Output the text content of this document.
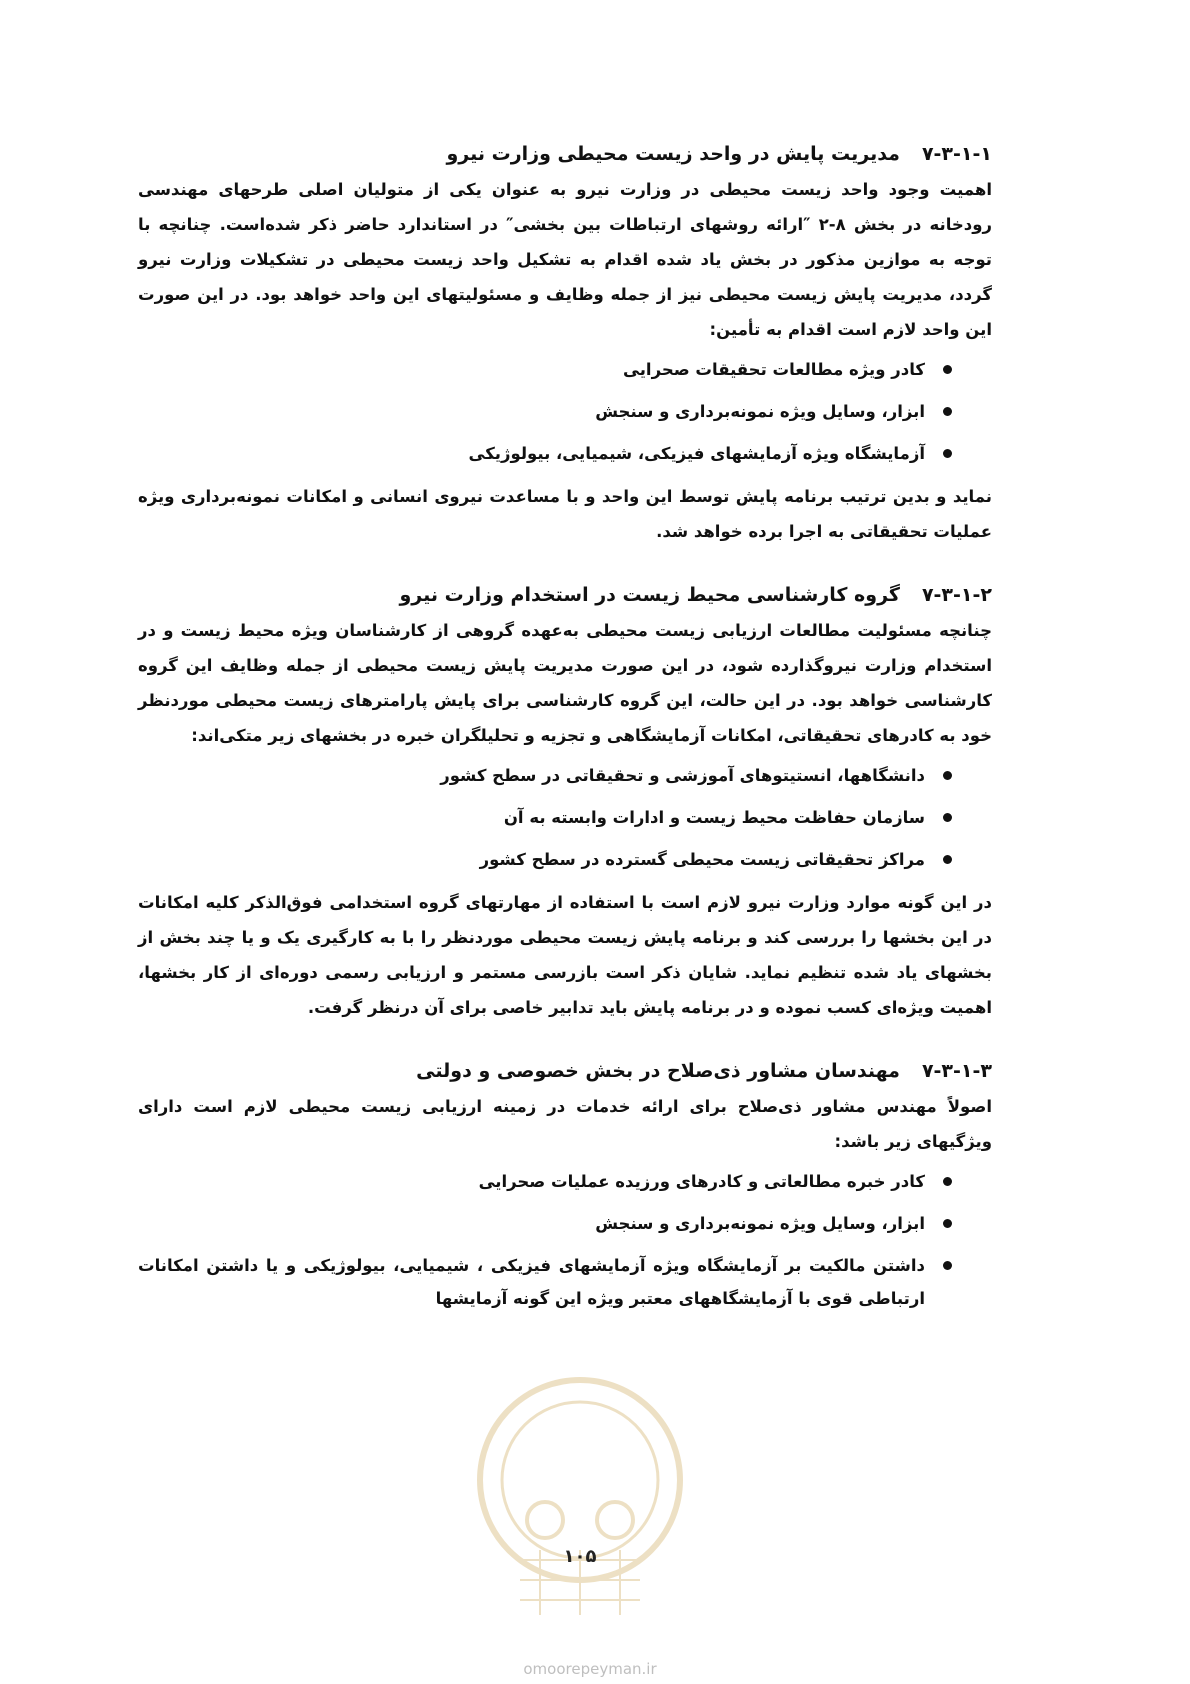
۷-۳-۱-۱مدیریت پایش در واحد زیست محیطی وزارت نیرو

اهمیت وجود واحد زیست محیطی در وزارت نیرو به عنوان یکی از متولیان اصلی طرحهای مهندسی رودخانه در بخش ۸-۲ ″ارائه روشهای ارتباطات بین بخشی″ در استاندارد حاضر ذکر شده‌است. چنانچه با توجه به موازین مذکور در بخش یاد شده اقدام به تشکیل واحد زیست محیطی در تشکیلات وزارت نیرو گردد، مدیریت پایش زیست محیطی نیز از جمله وظایف و مسئولیتهای این واحد خواهد بود. در این صورت این واحد لازم است اقدام به تأمین:

کادر ویژه مطالعات تحقیقات صحرایی
ابزار، وسایل ویژه نمونه‌برداری و سنجش
آزمایشگاه ویژه آزمایشهای فیزیکی، شیمیایی، بیولوژیکی

نماید و بدین ترتیب برنامه پایش توسط این واحد و با مساعدت نیروی انسانی و امکانات نمونه‌برداری ویژه عملیات تحقیقاتی به اجرا برده خواهد شد.

۷-۳-۱-۲گروه کارشناسی محیط زیست در استخدام وزارت نیرو

چنانچه مسئولیت مطالعات ارزیابی زیست محیطی به‌عهده گروهی از کارشناسان ویژه محیط زیست و در استخدام وزارت نیروگذارده شود، در این صورت مدیریت پایش زیست محیطی از جمله وظایف این گروه کارشناسی خواهد بود. در این حالت، این گروه کارشناسی برای پایش پارامترهای زیست محیطی موردنظر خود به کادرهای تحقیقاتی، امکانات آزمایشگاهی و تجزیه و تحلیلگران خبره در بخشهای زیر متکی‌اند:

دانشگاهها، انستیتوهای آموزشی و تحقیقاتی در سطح کشور
سازمان حفاظت محیط زیست و ادارات وابسته به آن
مراکز تحقیقاتی زیست محیطی گسترده در سطح کشور

در این گونه موارد وزارت نیرو لازم است با استفاده از مهارتهای گروه استخدامی فوق‌الذکر کلیه امکانات در این بخشها را بررسی کند و برنامه پایش زیست محیطی موردنظر را با به کارگیری یک و یا چند بخش از بخشهای یاد شده تنظیم نماید. شایان ذکر است بازرسی مستمر و ارزیابی رسمی دوره‌ای از کار بخشها، اهمیت ویژه‌ای کسب نموده و در برنامه پایش باید تدابیر خاصی برای آن درنظر گرفت.

۷-۳-۱-۳مهندسان مشاور ذی‌صلاح در بخش خصوصی و دولتی

اصولاً مهندس مشاور ذی‌صلاح برای ارائه خدمات در زمینه ارزیابی زیست محیطی لازم است دارای ویژگیهای زیر باشد:

کادر خبره مطالعاتی و کادرهای ورزیده عملیات صحرایی
ابزار، وسایل ویژه نمونه‌برداری و سنجش
داشتن مالکیت بر آزمایشگاه ویژه آزمایشهای فیزیکی ، شیمیایی، بیولوژیکی و یا داشتن امکانات ارتباطی قوی با آزمایشگاههای معتبر ویژه این گونه آزمایشها
۱۰۵
omoorepeyman.ir
